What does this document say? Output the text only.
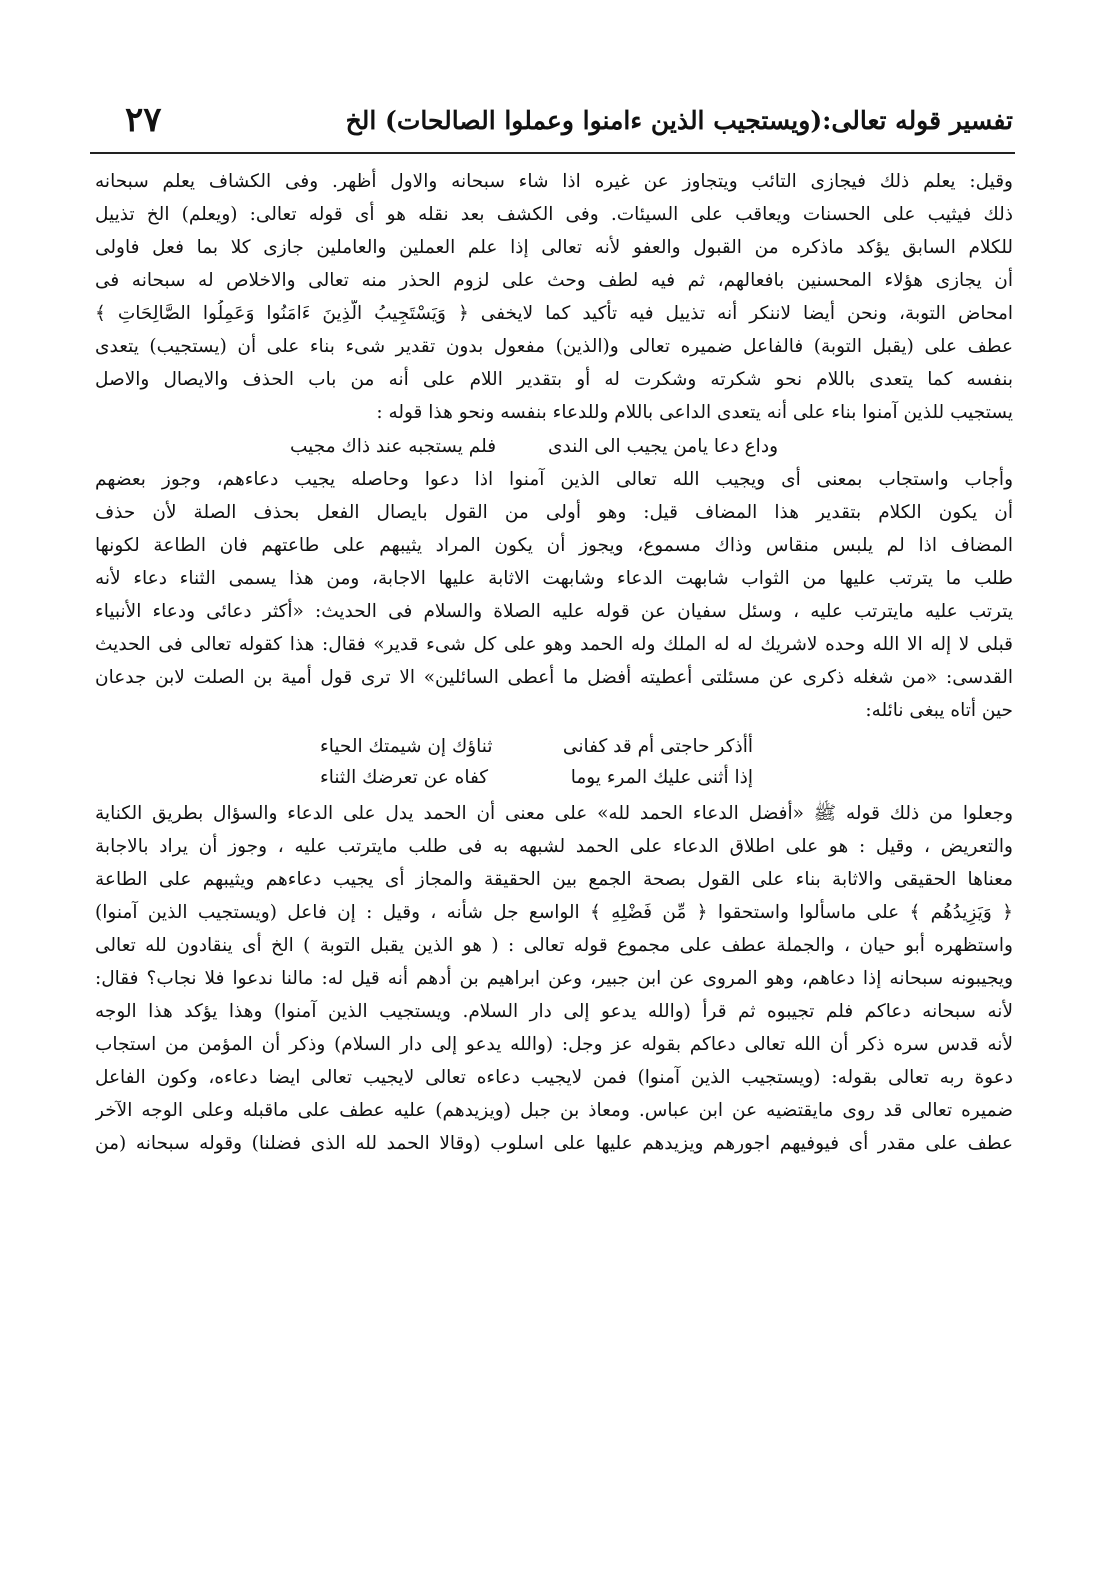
تفسير قوله تعالى:(ويستجيب الذين ءامنوا وعملوا الصالحات) الخ
٢٧
وقيل: يعلم ذلك فيجازى التائب ويتجاوز عن غيره اذا شاء سبحانه والاول أظهر. وفى الكشاف يعلم سبحانه
ذلك فيثيب على الحسنات ويعاقب على السيئات. وفى الكشف بعد نقله هو أى قوله تعالى: (ويعلم) الخ تذييل
للكلام السابق يؤكد ماذكره من القبول والعفو لأنه تعالى إذا علم العملين والعاملين جازى كلا بما فعل فاولى
أن يجازى هؤلاء المحسنين بافعالهم، ثم فيه لطف وحث على لزوم الحذر منه تعالى والاخلاص له سبحانه فى
امحاض التوبة، ونحن أيضا لاننكر أنه تذييل فيه تأكيد كما لايخفى ﴿ وَيَسْتَجِيبُ الَّذِينَ ءَامَنُوا وَعَمِلُوا الصَّالِحَاتِ ﴾
عطف على (يقبل التوبة) فالفاعل ضميره تعالى و(الذين) مفعول بدون تقدير شىء بناء على أن (يستجيب) يتعدى
بنفسه كما يتعدى باللام نحو شكرته وشكرت له أو بتقدير اللام على أنه من باب الحذف والايصال والاصل
يستجيب للذين آمنوا بناء على أنه يتعدى الداعى باللام وللدعاء بنفسه ونحو هذا قوله :
وداع دعا يامن يجيب الى الندى
فلم يستجبه عند ذاك مجيب
وأجاب واستجاب بمعنى أى ويجيب الله تعالى الذين آمنوا اذا دعوا وحاصله يجيب دعاءهم، وجوز بعضهم
أن يكون الكلام بتقدير هذا المضاف قيل: وهو أولى من القول بايصال الفعل بحذف الصلة لأن حذف
المضاف اذا لم يلبس منقاس وذاك مسموع، ويجوز أن يكون المراد يثيبهم على طاعتهم فان الطاعة لكونها
طلب ما يترتب عليها من الثواب شابهت الدعاء وشابهت الاثابة عليها الاجابة، ومن هذا يسمى الثناء دعاء لأنه
يترتب عليه مايترتب عليه ، وسئل سفيان عن قوله عليه الصلاة والسلام فى الحديث: «أكثر دعائى ودعاء الأنبياء
قبلى لا إله الا الله وحده لاشريك له له الملك وله الحمد وهو على كل شىء قدير» فقال: هذا كقوله تعالى فى الحديث
القدسى: «من شغله ذكرى عن مسئلتى أعطيته أفضل ما أعطى السائلين» الا ترى قول أمية بن الصلت لابن جدعان
حين أتاه يبغى نائله:
أأذكر حاجتى أم قد كفانى
ثناؤك إن شيمتك الحياء
إذا أثنى عليك المرء يوما
كفاه عن تعرضك الثناء
وجعلوا من ذلك قوله ﷺ «أفضل الدعاء الحمد لله» على معنى أن الحمد يدل على الدعاء والسؤال بطريق الكناية
والتعريض ، وقيل : هو على اطلاق الدعاء على الحمد لشبهه به فى طلب مايترتب عليه ، وجوز أن يراد بالاجابة
معناها الحقيقى والاثابة بناء على القول بصحة الجمع بين الحقيقة والمجاز أى يجيب دعاءهم ويثيبهم على الطاعة
﴿ وَيَزِيدُهُم ﴾ على ماسألوا واستحقوا ﴿ مِّن فَضْلِهِ ﴾ الواسع جل شأنه ، وقيل : إن فاعل (ويستجيب الذين آمنوا)
واستظهره أبو حيان ، والجملة عطف على مجموع قوله تعالى : ( هو الذين يقبل التوبة ) الخ أى ينقادون لله تعالى
ويجيبونه سبحانه إذا دعاهم، وهو المروى عن ابن جبير، وعن ابراهيم بن أدهم أنه قيل له: مالنا ندعوا فلا نجاب؟ فقال:
لأنه سبحانه دعاكم فلم تجيبوه ثم قرأ (والله يدعو إلى دار السلام. ويستجيب الذين آمنوا) وهذا يؤكد هذا الوجه
لأنه قدس سره ذكر أن الله تعالى دعاكم بقوله عز وجل: (والله يدعو إلى دار السلام) وذكر أن المؤمن من استجاب
دعوة ربه تعالى بقوله: (ويستجيب الذين آمنوا) فمن لايجيب دعاءه تعالى لايجيب تعالى ايضا دعاءه، وكون الفاعل
ضميره تعالى قد روى مايقتضيه عن ابن عباس. ومعاذ بن جبل (ويزيدهم) عليه عطف على ماقبله وعلى الوجه الآخر
عطف على مقدر أى فيوفيهم اجورهم ويزيدهم عليها على اسلوب (وقالا الحمد لله الذى فضلنا) وقوله سبحانه (من
